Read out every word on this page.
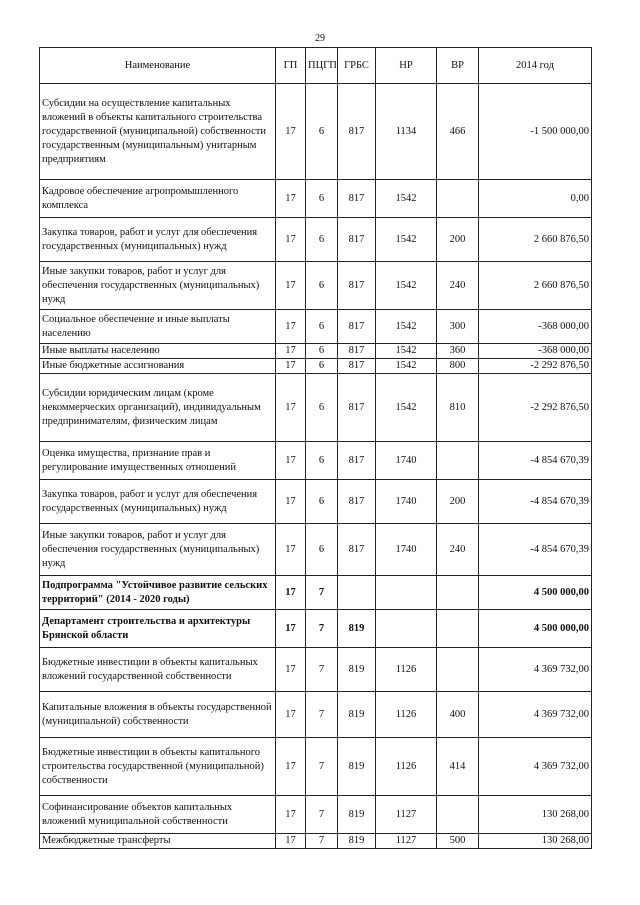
29
Наименование	ГП	ПЦГП	ГРБС	НР	ВР	2014 год
Субсидии на осуществление капитальных вложений в объекты капитального строительства государственной (муниципальной) собственности государственным (муниципальным) унитарным предприятиям	17	6	817	1134	466	-1 500 000,00
Кадровое обеспечение агропромышленного комплекса	17	6	817	1542		0,00
Закупка товаров, работ и услуг для обеспечения государственных (муниципальных) нужд	17	6	817	1542	200	2 660 876,50
Иные закупки товаров, работ и услуг для обеспечения государственных (муниципальных) нужд	17	6	817	1542	240	2 660 876,50
Социальное обеспечение и иные выплаты населению	17	6	817	1542	300	-368 000,00
Иные выплаты населению	17	6	817	1542	360	-368 000,00
Иные бюджетные ассигнования	17	6	817	1542	800	-2 292 876,50
Субсидии юридическим лицам (кроме некоммерческих организаций), индивидуальным предпринимателям, физическим лицам	17	6	817	1542	810	-2 292 876,50
Оценка имущества, признание прав и регулирование имущественных отношений	17	6	817	1740		-4 854 670,39
Закупка товаров, работ и услуг для обеспечения государственных (муниципальных) нужд	17	6	817	1740	200	-4 854 670,39
Иные закупки товаров, работ и услуг для обеспечения государственных (муниципальных) нужд	17	6	817	1740	240	-4 854 670,39
Подпрограмма "Устойчивое развитие сельских территорий" (2014 - 2020 годы)	17	7				4 500 000,00
Департамент строительства и архитектуры Брянской области	17	7	819			4 500 000,00
Бюджетные инвестиции в объекты капитальных вложений государственной собственности	17	7	819	1126		4 369 732,00
Капитальные вложения в объекты государственной (муниципальной) собственности	17	7	819	1126	400	4 369 732,00
Бюджетные инвестиции в объекты капитального строительства государственной (муниципальной) собственности	17	7	819	1126	414	4 369 732,00
Софинансирование объектов капитальных вложений муниципальной собственности	17	7	819	1127		130 268,00
Межбюджетные трансферты	17	7	819	1127	500	130 268,00
